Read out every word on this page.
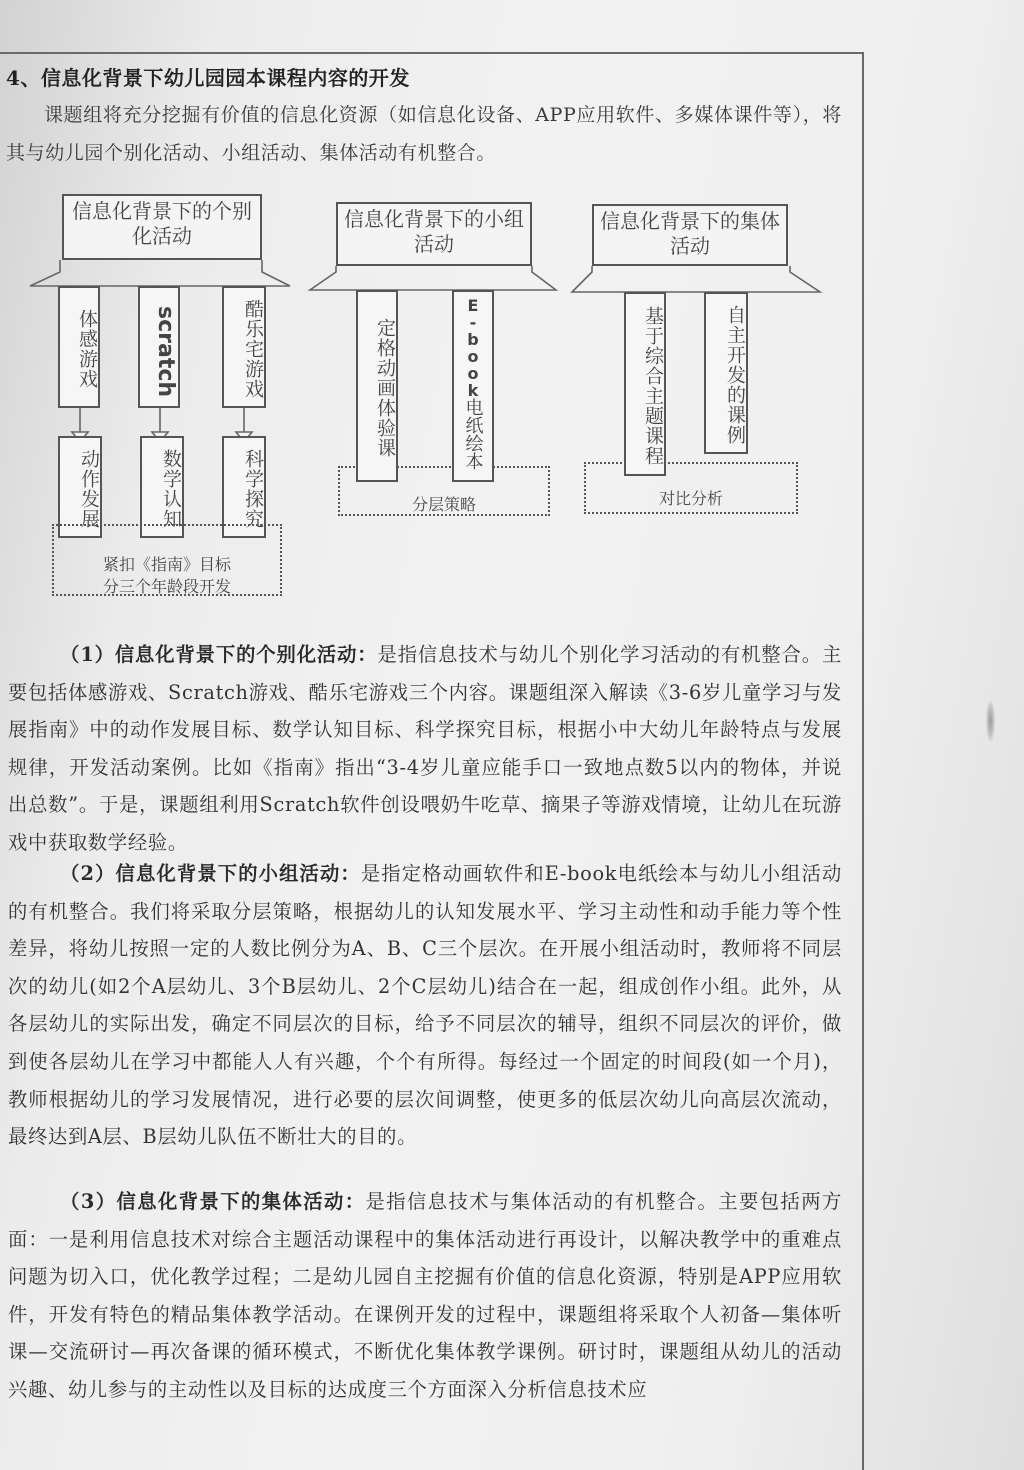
4、信息化背景下幼儿园园本课程内容的开发
课题组将充分挖掘有价值的信息化资源（如信息化设备、APP应用软件、多媒体课件等），将其与幼儿园个别化活动、小组活动、集体活动有机整合。
信息化背景下的个别化活动
体感游戏	scratch	酷乐宅游戏
动作发展	数学认知	科学探究
紧扣《指南》目标
分三个年龄段开发
信息化背景下的小组活动
分层策略
定格动画体验课	E-book
电纸绘本
信息化背景下的集体活动
对比分析
基于综合主题课程	自主开发的课例

（1）信息化背景下的个别化活动：是指信息技术与幼儿个别化学习活动的有机整合。主要包括体感游戏、Scratch游戏、酷乐宅游戏三个内容。课题组深入解读《3-6岁儿童学习与发展指南》中的动作发展目标、数学认知目标、科学探究目标，根据小中大幼儿年龄特点与发展规律，开发活动案例。比如《指南》指出“3-4岁儿童应能手口一致地点数5以内的物体，并说出总数”。于是，课题组利用Scratch软件创设喂奶牛吃草、摘果子等游戏情境，让幼儿在玩游戏中获取数学经验。

（2）信息化背景下的小组活动：是指定格动画软件和E-book电纸绘本与幼儿小组活动的有机整合。我们将采取分层策略，根据幼儿的认知发展水平、学习主动性和动手能力等个性差异，将幼儿按照一定的人数比例分为A、B、C三个层次。在开展小组活动时，教师将不同层次的幼儿(如2个A层幼儿、3个B层幼儿、2个C层幼儿)结合在一起，组成创作小组。此外，从各层幼儿的实际出发，确定不同层次的目标，给予不同层次的辅导，组织不同层次的评价，做到使各层幼儿在学习中都能人人有兴趣，个个有所得。每经过一个固定的时间段(如一个月)，教师根据幼儿的学习发展情况，进行必要的层次间调整，使更多的低层次幼儿向高层次流动，最终达到A层、B层幼儿队伍不断壮大的目的。

（3）信息化背景下的集体活动：是指信息技术与集体活动的有机整合。主要包括两方面：一是利用信息技术对综合主题活动课程中的集体活动进行再设计，以解决教学中的重难点问题为切入口，优化教学过程；二是幼儿园自主挖掘有价值的信息化资源，特别是APP应用软件，开发有特色的精品集体教学活动。在课例开发的过程中，课题组将采取个人初备—集体听课—交流研讨—再次备课的循环模式，不断优化集体教学课例。研讨时，课题组从幼儿的活动兴趣、幼儿参与的主动性以及目标的达成度三个方面深入分析信息技术应
